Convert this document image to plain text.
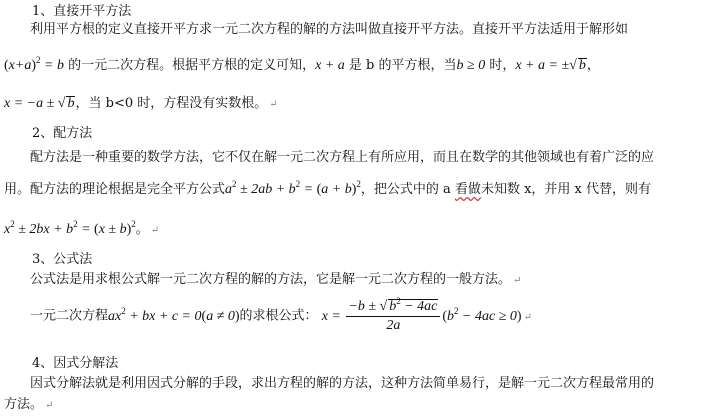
1、直接开平方法
利用平方根的定义直接开平方求一元二次方程的解的方法叫做直接开平方法。直接开平方法适用于解形如
$(x+a)^2 = b$ 的一元二次方程。根据平方根的定义可知，x + a 是 b 的平方根，当b ≥ 0 时，x + a = ±√ b，
x = −a ± √ b，当 b<0 时，方程没有实数根。 ↵
2、配方法
配方法是一种重要的数学方法，它不仅在解一元二次方程上有所应用，而且在数学的其他领域也有着广泛的应
用。配方法的理论根据是完全平方公式$a^2 \pm 2ab + b^2 = (a + b)^2$，把公式中的 a 看做未知数 x，并用 x 代替，则有
$x^2 \pm 2bx + b^2 = (x \pm b)^2$。 ↵
3、公式法
公式法是用求根公式解一元二次方程的解的方法，它是解一元二次方程的一般方法。 ↵
一元二次方程$ax^2$ + bx + c = 0(a ≠ 0)的求根公式： $x = \frac{-b \pm √ b^2 - 4ac}{2a} (b^2 - 4ac \ge 0)$ ↵
4、因式分解法
因式分解法就是利用因式分解的手段，求出方程的解的方法，这种方法简单易行，是解一元二次方程最常用的
方法。 ↵
